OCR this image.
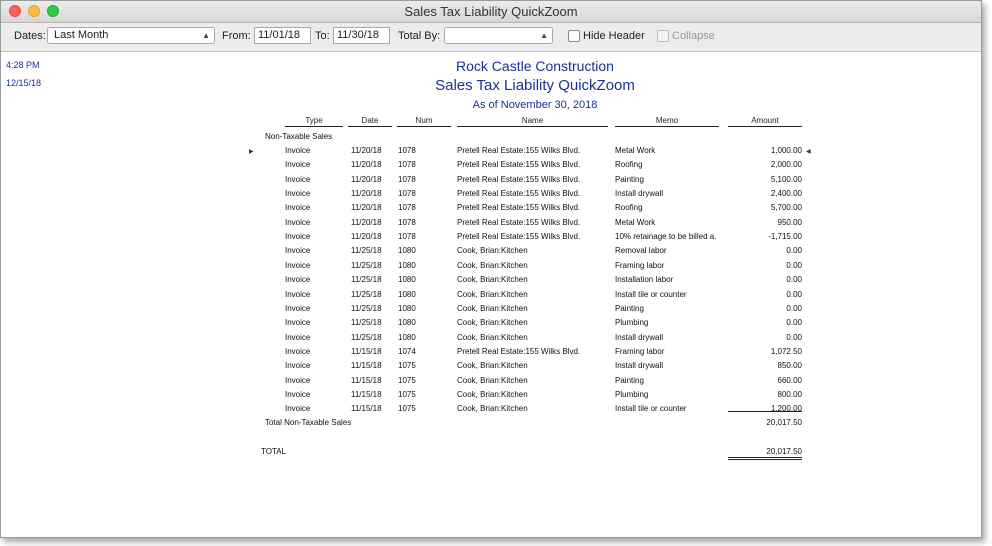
Sales Tax Liability QuickZoom
Dates: Last Month	▲ From: 11/01/18	To: 11/30/18	Total By:	▲	Hide Header Collapse
4:28 PM
12/15/18
Rock Castle Construction
Sales Tax Liability QuickZoom
As of November 30, 2018
Type	Date	Num	Name	Memo	Amount
Non-Taxable Sales
▶	◀
Invoice	11/20/18 1078	Pretell Real Estate:155 Wilks Blvd.	Metal Work	1,000.00
Invoice	11/20/18 1078	Pretell Real Estate:155 Wilks Blvd.	Roofing	2,000.00
Invoice	11/20/18 1078	Pretell Real Estate:155 Wilks Blvd.	Painting	5,100.00
Invoice	11/20/18 1078	Pretell Real Estate:155 Wilks Blvd.	Install drywall	2,400.00
Invoice	11/20/18 1078	Pretell Real Estate:155 Wilks Blvd.	Roofing	5,700.00
Invoice	11/20/18 1078	Pretell Real Estate:155 Wilks Blvd.	Metal Work	950.00
Invoice	11/20/18 1078	Pretell Real Estate:155 Wilks Blvd.	10% retainage to be billed a.	-1,715.00
Invoice	11/25/18 1080	Cook, Brian:Kitchen	Removal labor	0.00
Invoice	11/25/18 1080	Cook, Brian:Kitchen	Framing labor	0.00
Invoice	11/25/18 1080	Cook, Brian:Kitchen	Installation labor	0.00
Invoice	11/25/18 1080	Cook, Brian:Kitchen	Install tile or counter	0.00
Invoice	11/25/18 1080	Cook, Brian:Kitchen	Painting	0.00
Invoice	11/25/18 1080	Cook, Brian:Kitchen	Plumbing	0.00
Invoice	11/25/18 1080	Cook, Brian:Kitchen	Install drywall	0.00
Invoice	11/15/18 1074	Pretell Real Estate:155 Wilks Blvd.	Framing labor	1,072.50
Invoice	11/15/18 1075	Cook, Brian:Kitchen	Install drywall	850.00
Invoice	11/15/18 1075	Cook, Brian:Kitchen	Painting	660.00
Invoice	11/15/18 1075	Cook, Brian:Kitchen	Plumbing	800.00
Invoice	11/15/18 1075	Cook, Brian:Kitchen	Install tile or counter	1,200.00
Total Non-Taxable Sales	20,017.50
TOTAL	20,017.50
